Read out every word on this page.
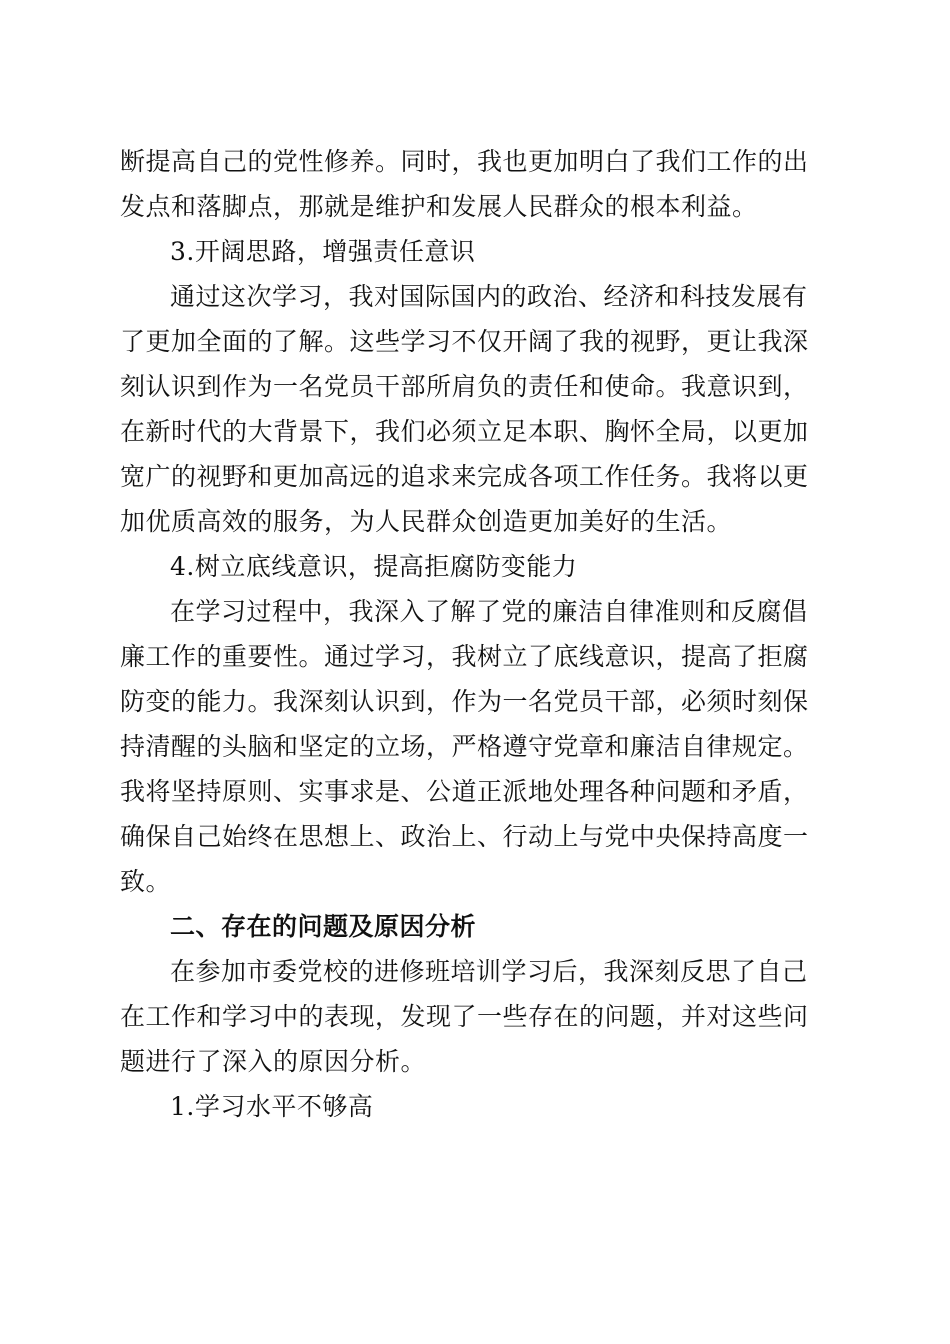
断提高自己的党性修养。同时，我也更加明白了我们工作的出
发点和落脚点，那就是维护和发展人民群众的根本利益。
3.开阔思路，增强责任意识
通过这次学习，我对国际国内的政治、经济和科技发展有
了更加全面的了解。这些学习不仅开阔了我的视野，更让我深
刻认识到作为一名党员干部所肩负的责任和使命。我意识到，
在新时代的大背景下，我们必须立足本职、胸怀全局，以更加
宽广的视野和更加高远的追求来完成各项工作任务。我将以更
加优质高效的服务，为人民群众创造更加美好的生活。
4.树立底线意识，提高拒腐防变能力
在学习过程中，我深入了解了党的廉洁自律准则和反腐倡
廉工作的重要性。通过学习，我树立了底线意识，提高了拒腐
防变的能力。我深刻认识到，作为一名党员干部，必须时刻保
持清醒的头脑和坚定的立场，严格遵守党章和廉洁自律规定。
我将坚持原则、实事求是、公道正派地处理各种问题和矛盾，
确保自己始终在思想上、政治上、行动上与党中央保持高度一
致。
二、存在的问题及原因分析
在参加市委党校的进修班培训学习后，我深刻反思了自己
在工作和学习中的表现，发现了一些存在的问题，并对这些问
题进行了深入的原因分析。
1.学习水平不够高
